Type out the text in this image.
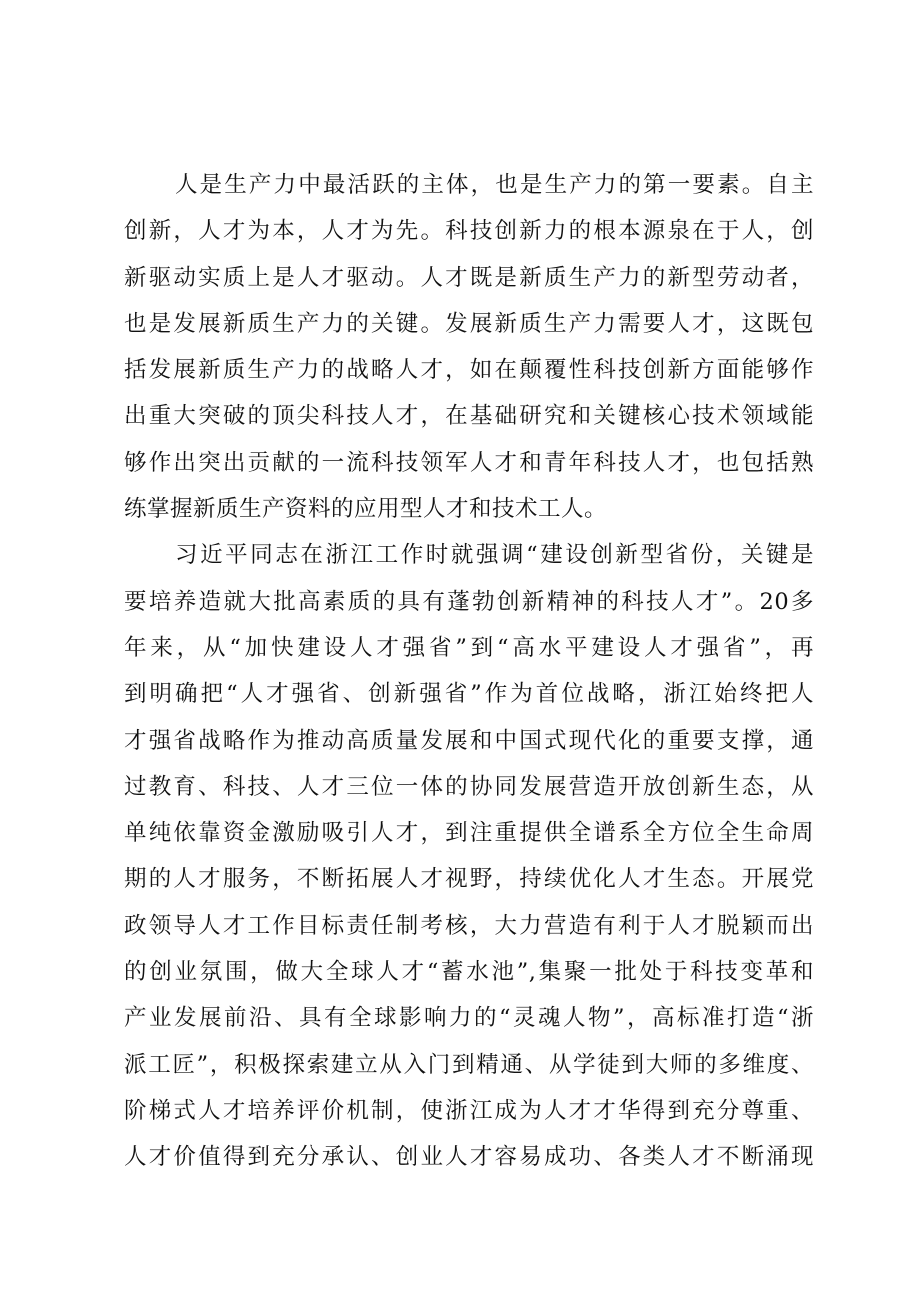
人是生产力中最活跃的主体，也是生产力的第一要素。自主
创新，人才为本，人才为先。科技创新力的根本源泉在于人，创
新驱动实质上是人才驱动。人才既是新质生产力的新型劳动者，
也是发展新质生产力的关键。发展新质生产力需要人才，这既包
括发展新质生产力的战略人才，如在颠覆性科技创新方面能够作
出重大突破的顶尖科技人才，在基础研究和关键核心技术领域能
够作出突出贡献的一流科技领军人才和青年科技人才，也包括熟
练掌握新质生产资料的应用型人才和技术工人。
习近平同志在浙江工作时就强调“建设创新型省份，关键是
要培养造就大批高素质的具有蓬勃创新精神的科技人才”。20多
年来，从“加快建设人才强省”到“高水平建设人才强省”，再
到明确把“人才强省、创新强省”作为首位战略，浙江始终把人
才强省战略作为推动高质量发展和中国式现代化的重要支撑，通
过教育、科技、人才三位一体的协同发展营造开放创新生态，从
单纯依靠资金激励吸引人才，到注重提供全谱系全方位全生命周
期的人才服务，不断拓展人才视野，持续优化人才生态。开展党
政领导人才工作目标责任制考核，大力营造有利于人才脱颖而出
的创业氛围，做大全球人才“蓄水池”,集聚一批处于科技变革和
产业发展前沿、具有全球影响力的“灵魂人物”，高标准打造“浙
派工匠”，积极探索建立从入门到精通、从学徒到大师的多维度、
阶梯式人才培养评价机制，使浙江成为人才才华得到充分尊重、
人才价值得到充分承认、创业人才容易成功、各类人才不断涌现
